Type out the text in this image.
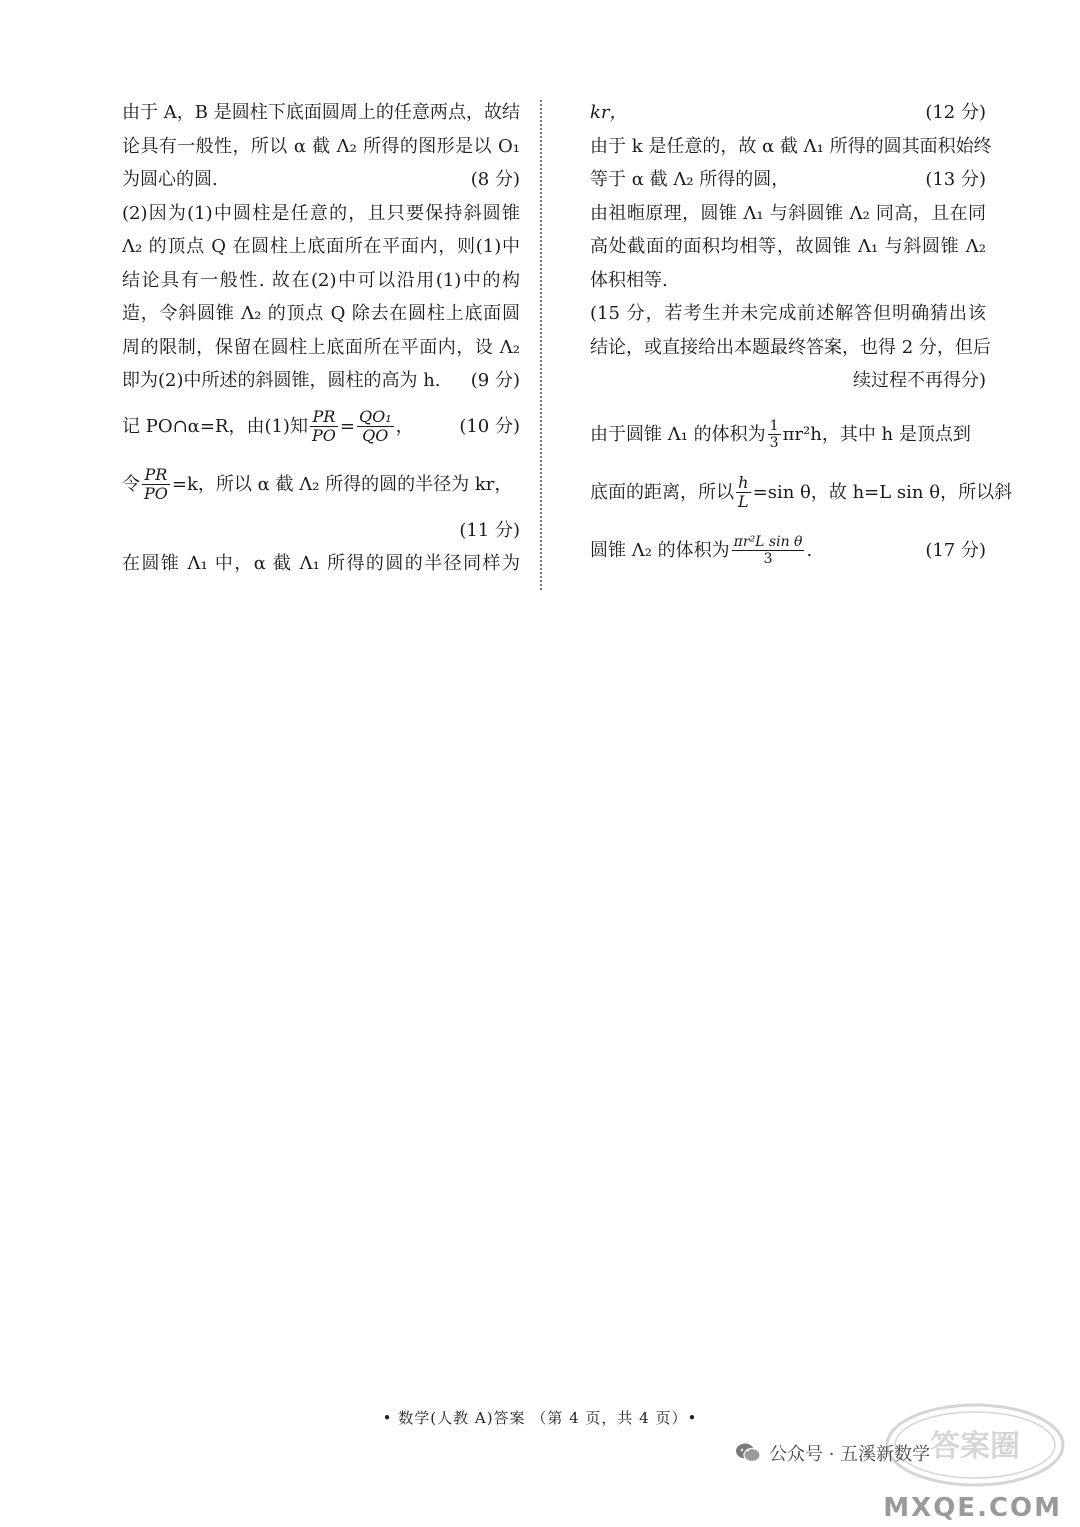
由于 A，B 是圆柱下底面圆周上的任意两点，故结
论具有一般性，所以 α 截 Λ₂ 所得的图形是以 O₁
为圆心的圆.	(8 分)
(2)因为(1)中圆柱是任意的，且只要保持斜圆锥
Λ₂ 的顶点 Q 在圆柱上底面所在平面内，则(1)中
结论具有一般性. 故在(2)中可以沿用(1)中的构
造，令斜圆锥 Λ₂ 的顶点 Q 除去在圆柱上底面圆
周的限制，保留在圆柱上底面所在平面内，设 Λ₂
即为(2)中所述的斜圆锥，圆柱的高为 h. (9 分)
记 PO∩α=R，由(1)知 $\frac{PR}{PO} = \frac{\text{QO₁}}{QO}$ ，	(10 分)
令 $\frac{PR}{PO} =k$，所以 α 截 Λ₂ 所得的圆的半径为 kr，
(11 分)
在圆锥 Λ₁ 中，α 截 Λ₁ 所得的圆的半径同样为
kr，	(12 分)
由于 k 是任意的，故 α 截 Λ₁ 所得的圆其面积始终
等于 α 截 Λ₂ 所得的圆，	(13 分)
由祖暅原理，圆锥 Λ₁ 与斜圆锥 Λ₂ 同高，且在同
高处截面的面积均相等，故圆锥 Λ₁ 与斜圆锥 Λ₂
体积相等.
(15 分，若考生并未完成前述解答但明确猜出该
结论，或直接给出本题最终答案，也得 2 分，但后
续过程不再得分)
由于圆锥 Λ₁ 的体积为 $\frac{1}{3} \pi r^2h$，其中 h 是顶点到
底面的距离，所以 $\frac{h}{L} =\sin$ θ，故 h=L sin θ，所以斜
圆锥 Λ₂ 的体积为 $\frac{\text{πr²L sin θ}}{3}$ .	(17 分)
• 数学(人教 A)答案 （第 4 页，共 4 页）•
答案圈
公众号 · 五溪新数学
MXQE.COM
